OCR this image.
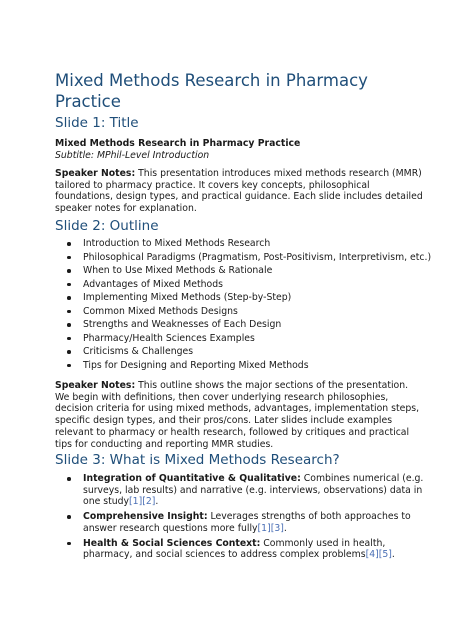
Mixed Methods Research in Pharmacy Practice
Slide 1: Title

Mixed Methods Research in Pharmacy Practice

Subtitle: MPhil-Level Introduction

Speaker Notes: This presentation introduces mixed methods research (MMR) tailored to pharmacy practice. It covers key concepts, philosophical foundations, design types, and practical guidance. Each slide includes detailed speaker notes for explanation.

Slide 2: Outline
Introduction to Mixed Methods Research
Philosophical Paradigms (Pragmatism, Post-Positivism, Interpretivism, etc.)
When to Use Mixed Methods & Rationale
Advantages of Mixed Methods
Implementing Mixed Methods (Step-by-Step)
Common Mixed Methods Designs
Strengths and Weaknesses of Each Design
Pharmacy/Health Sciences Examples
Criticisms & Challenges
Tips for Designing and Reporting Mixed Methods

Speaker Notes: This outline shows the major sections of the presentation. We begin with definitions, then cover underlying research philosophies, decision criteria for using mixed methods, advantages, implementation steps, specific design types, and their pros/cons. Later slides include examples relevant to pharmacy or health research, followed by critiques and practical tips for conducting and reporting MMR studies.

Slide 3: What is Mixed Methods Research?
Integration of Quantitative & Qualitative: Combines numerical (e.g. surveys, lab results) and narrative (e.g. interviews, observations) data in one study[1][2].
Comprehensive Insight: Leverages strengths of both approaches to answer research questions more fully[1][3].
Health & Social Sciences Context: Commonly used in health, pharmacy, and social sciences to address complex problems[4][5].
